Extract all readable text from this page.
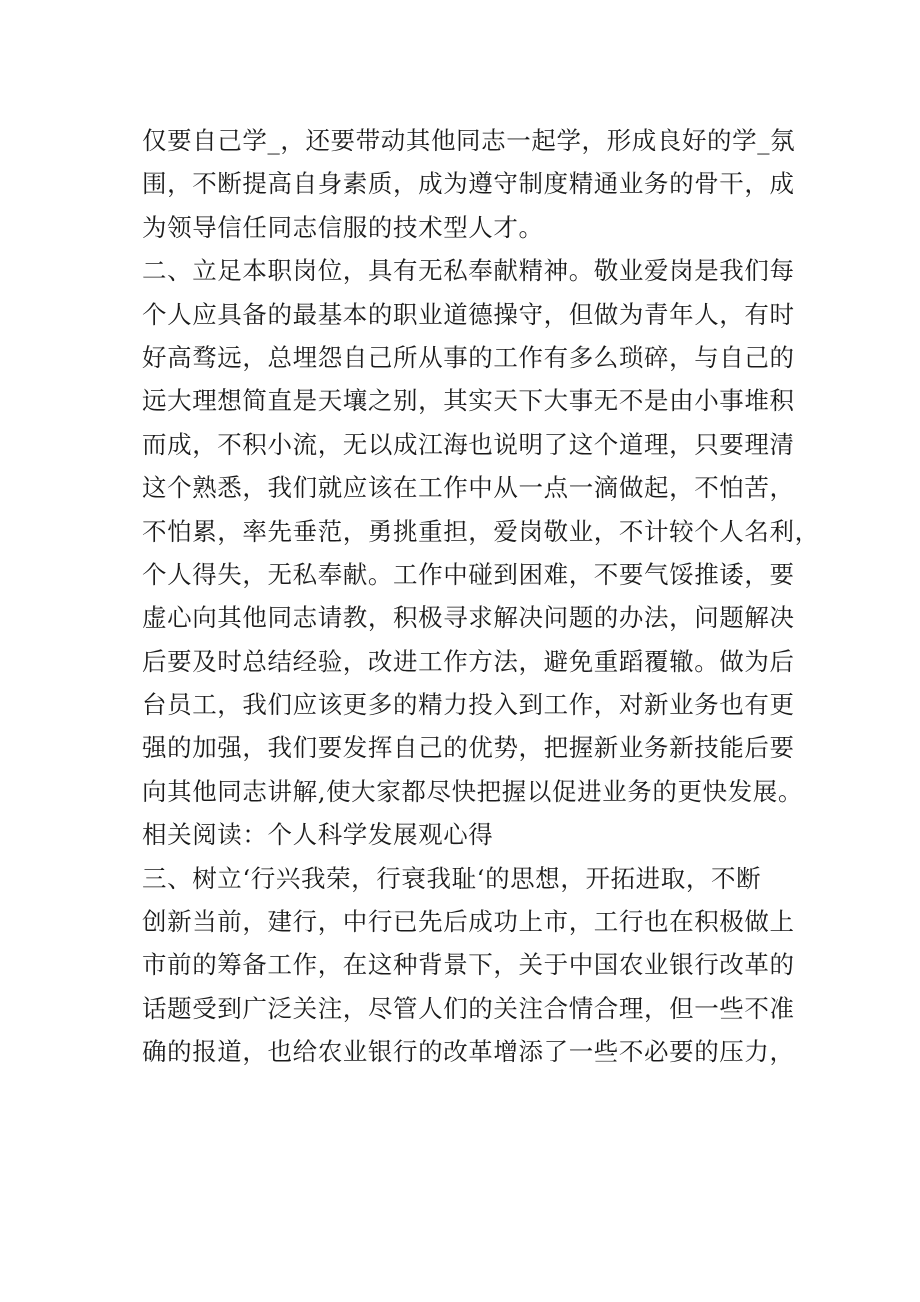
仅要自己学_，还要带动其他同志一起学，形成良好的学_氛
围，不断提高自身素质，成为遵守制度精通业务的骨干，成
为领导信任同志信服的技术型人才。
二、立足本职岗位，具有无私奉献精神。敬业爱岗是我们每
个人应具备的最基本的职业道德操守，但做为青年人，有时
好高骛远，总埋怨自己所从事的工作有多么琐碎，与自己的
远大理想简直是天壤之别，其实天下大事无不是由小事堆积
而成，不积小流，无以成江海也说明了这个道理，只要理清
这个熟悉，我们就应该在工作中从一点一滴做起，不怕苦，
不怕累，率先垂范，勇挑重担，爱岗敬业，不计较个人名利，
个人得失，无私奉献。工作中碰到困难，不要气馁推诿，要
虚心向其他同志请教，积极寻求解决问题的办法，问题解决
后要及时总结经验，改进工作方法，避免重蹈覆辙。做为后
台员工，我们应该更多的精力投入到工作，对新业务也有更
强的加强，我们要发挥自己的优势，把握新业务新技能后要
向其他同志讲解,使大家都尽快把握以促进业务的更快发展。
相关阅读：个人科学发展观心得
三、树立‘行兴我荣，行衰我耻‘的思想，开拓进取，不断
创新当前，建行，中行已先后成功上市，工行也在积极做上
市前的筹备工作，在这种背景下，关于中国农业银行改革的
话题受到广泛关注，尽管人们的关注合情合理，但一些不准
确的报道，也给农业银行的改革增添了一些不必要的压力，
